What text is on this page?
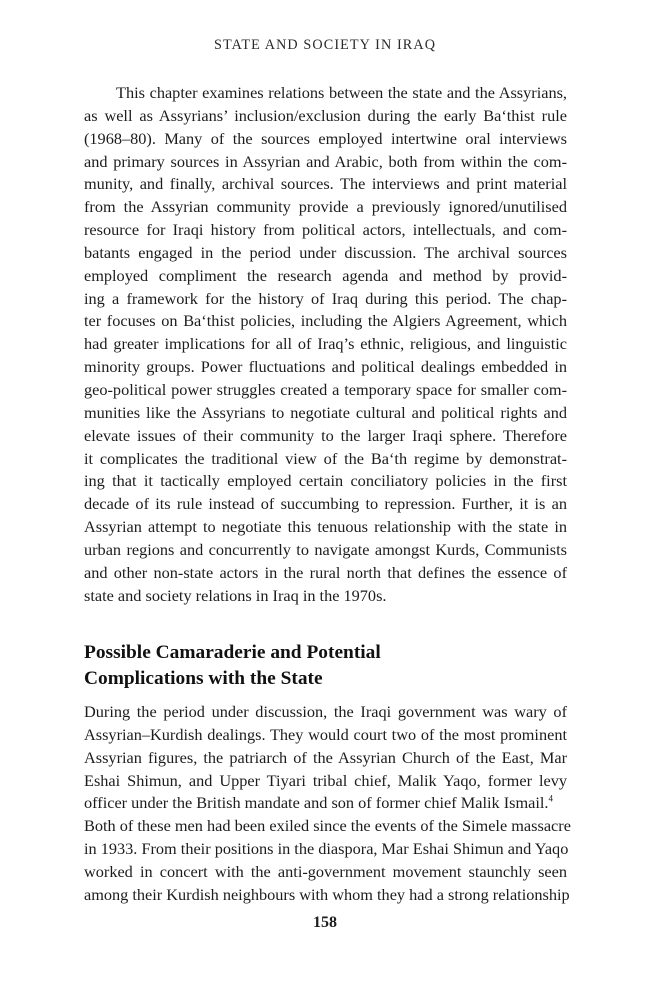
STATE AND SOCIETY IN IRAQ
This chapter examines relations between the state and the Assyrians,
as well as Assyrians’ inclusion/exclusion during the early Ba‘thist rule
(1968–80). Many of the sources employed intertwine oral interviews
and primary sources in Assyrian and Arabic, both from within the com-
munity, and finally, archival sources. The interviews and print material
from the Assyrian community provide a previously ignored/unutilised
resource for Iraqi history from political actors, intellectuals, and com-
batants engaged in the period under discussion. The archival sources
employed compliment the research agenda and method by provid-
ing a framework for the history of Iraq during this period. The chap-
ter focuses on Ba‘thist policies, including the Algiers Agreement, which
had greater implications for all of Iraq’s ethnic, religious, and linguistic
minority groups. Power fluctuations and political dealings embedded in
geo-political power struggles created a temporary space for smaller com-
munities like the Assyrians to negotiate cultural and political rights and
elevate issues of their community to the larger Iraqi sphere. Therefore
it complicates the traditional view of the Ba‘th regime by demonstrat-
ing that it tactically employed certain conciliatory policies in the first
decade of its rule instead of succumbing to repression. Further, it is an
Assyrian attempt to negotiate this tenuous relationship with the state in
urban regions and concurrently to navigate amongst Kurds, Communists
and other non-state actors in the rural north that defines the essence of
state and society relations in Iraq in the 1970s.
Possible Camaraderie and Potential
Complications with the State
During the period under discussion, the Iraqi government was wary of
Assyrian–Kurdish dealings. They would court two of the most prominent
Assyrian figures, the patriarch of the Assyrian Church of the East, Mar
Eshai Shimun, and Upper Tiyari tribal chief, Malik Yaqo, former levy
officer under the British mandate and son of former chief Malik Ismail.$^4$
Both of these men had been exiled since the events of the Simele massacre
in 1933. From their positions in the diaspora, Mar Eshai Shimun and Yaqo
worked in concert with the anti-government movement staunchly seen
among their Kurdish neighbours with whom they had a strong relationship
158
